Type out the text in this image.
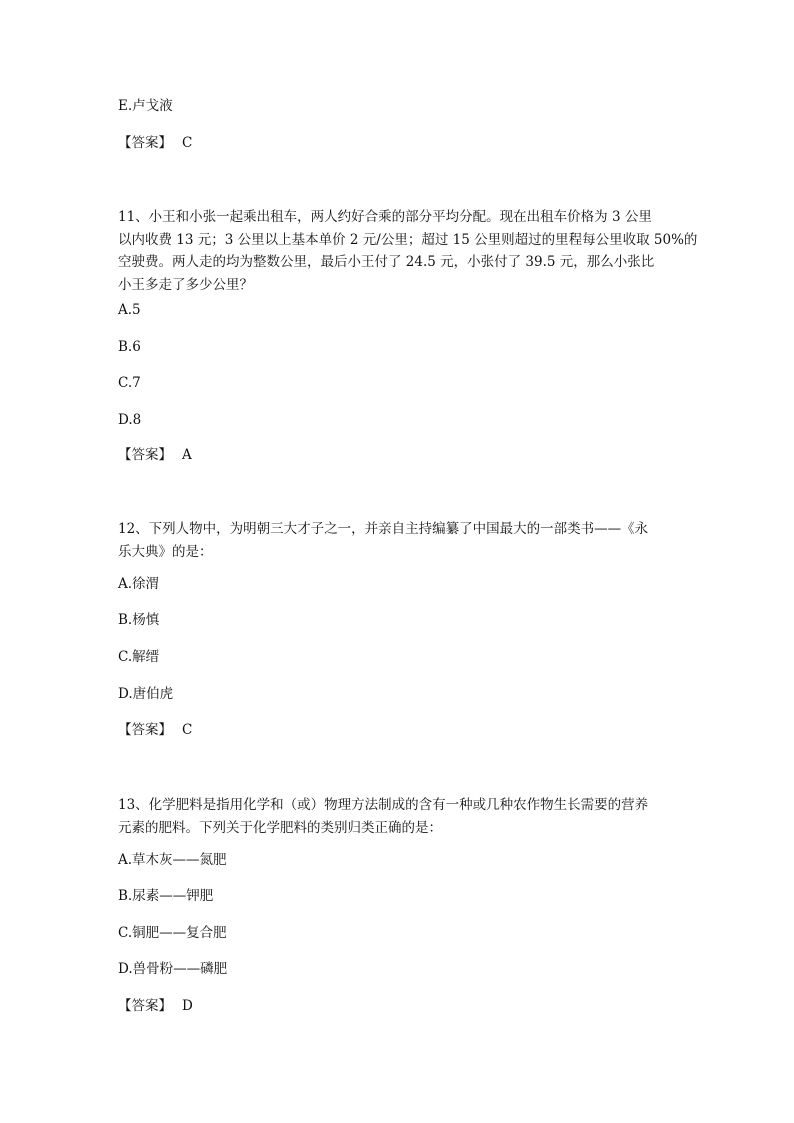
E.卢戈液
【答案】 C
11、小王和小张一起乘出租车，两人约好合乘的部分平均分配。现在出租车价格为 3 公里
以内收费 13 元；3 公里以上基本单价 2 元/公里；超过 15 公里则超过的里程每公里收取 50%的
空驶费。两人走的均为整数公里，最后小王付了 24.5 元，小张付了 39.5 元，那么小张比
小王多走了多少公里？
A.5
B.6
C.7
D.8
【答案】 A
12、下列人物中，为明朝三大才子之一，并亲自主持编纂了中国最大的一部类书——《永
乐大典》的是：
A.徐渭
B.杨慎
C.解缙
D.唐伯虎
【答案】 C
13、化学肥料是指用化学和（或）物理方法制成的含有一种或几种农作物生长需要的营养
元素的肥料。下列关于化学肥料的类别归类正确的是：
A.草木灰——氮肥
B.尿素——钾肥
C.铜肥——复合肥
D.兽骨粉——磷肥
【答案】 D
